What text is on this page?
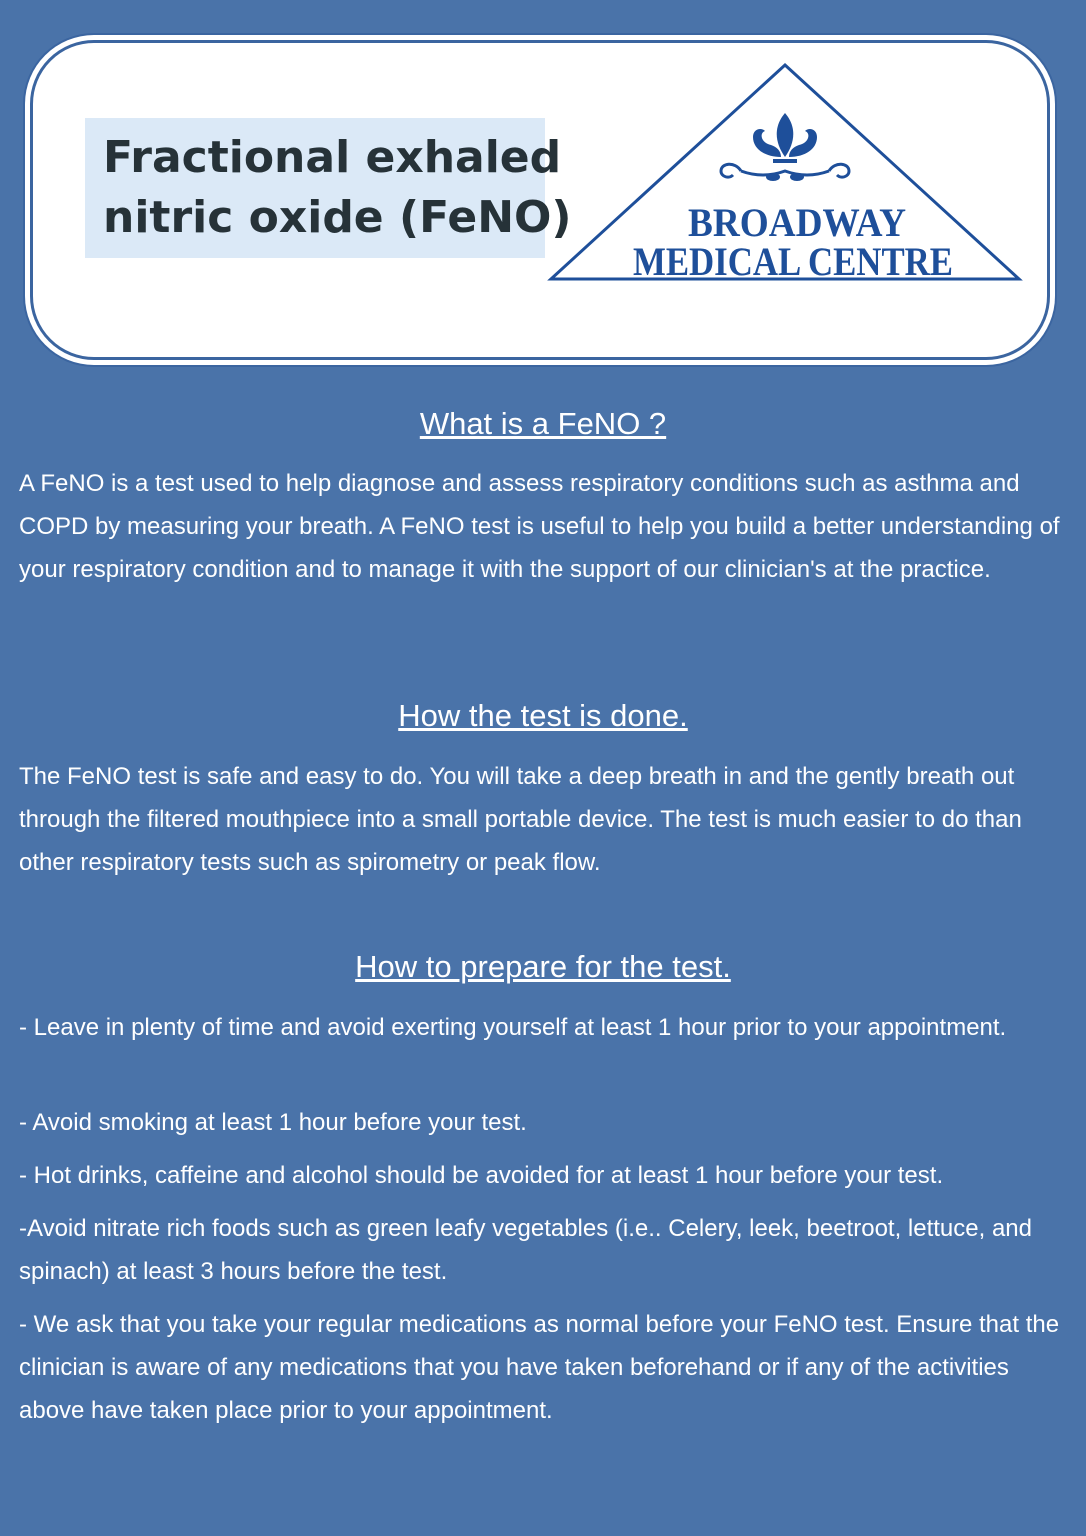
Fractional exhaled
nitric oxide (FeNO)	BROADWAY
MEDICAL CENTRE
What is a FeNO ?

A FeNO is a test used to help diagnose and assess respiratory conditions such as asthma and COPD by measuring your breath. A FeNO test is useful to help you build a better understanding of your respiratory condition and to manage it with the support of our clinician's at the practice.

How the test is done.

The FeNO test is safe and easy to do. You will take a deep breath in and the gently breath out through the filtered mouthpiece into a small portable device. The test is much easier to do than other respiratory tests such as spirometry or peak flow.

How to prepare for the test.

- Leave in plenty of time and avoid exerting yourself at least 1 hour prior to your appointment.

- Avoid smoking at least 1 hour before your test.

- Hot drinks, caffeine and alcohol should be avoided for at least 1 hour before your test.

-Avoid nitrate rich foods such as green leafy vegetables (i.e.. Celery, leek, beetroot, lettuce, and spinach) at least 3 hours before the test.

- We ask that you take your regular medications as normal before your FeNO test. Ensure that the clinician is aware of any medications that you have taken beforehand or if any of the activities above have taken place prior to your appointment.
